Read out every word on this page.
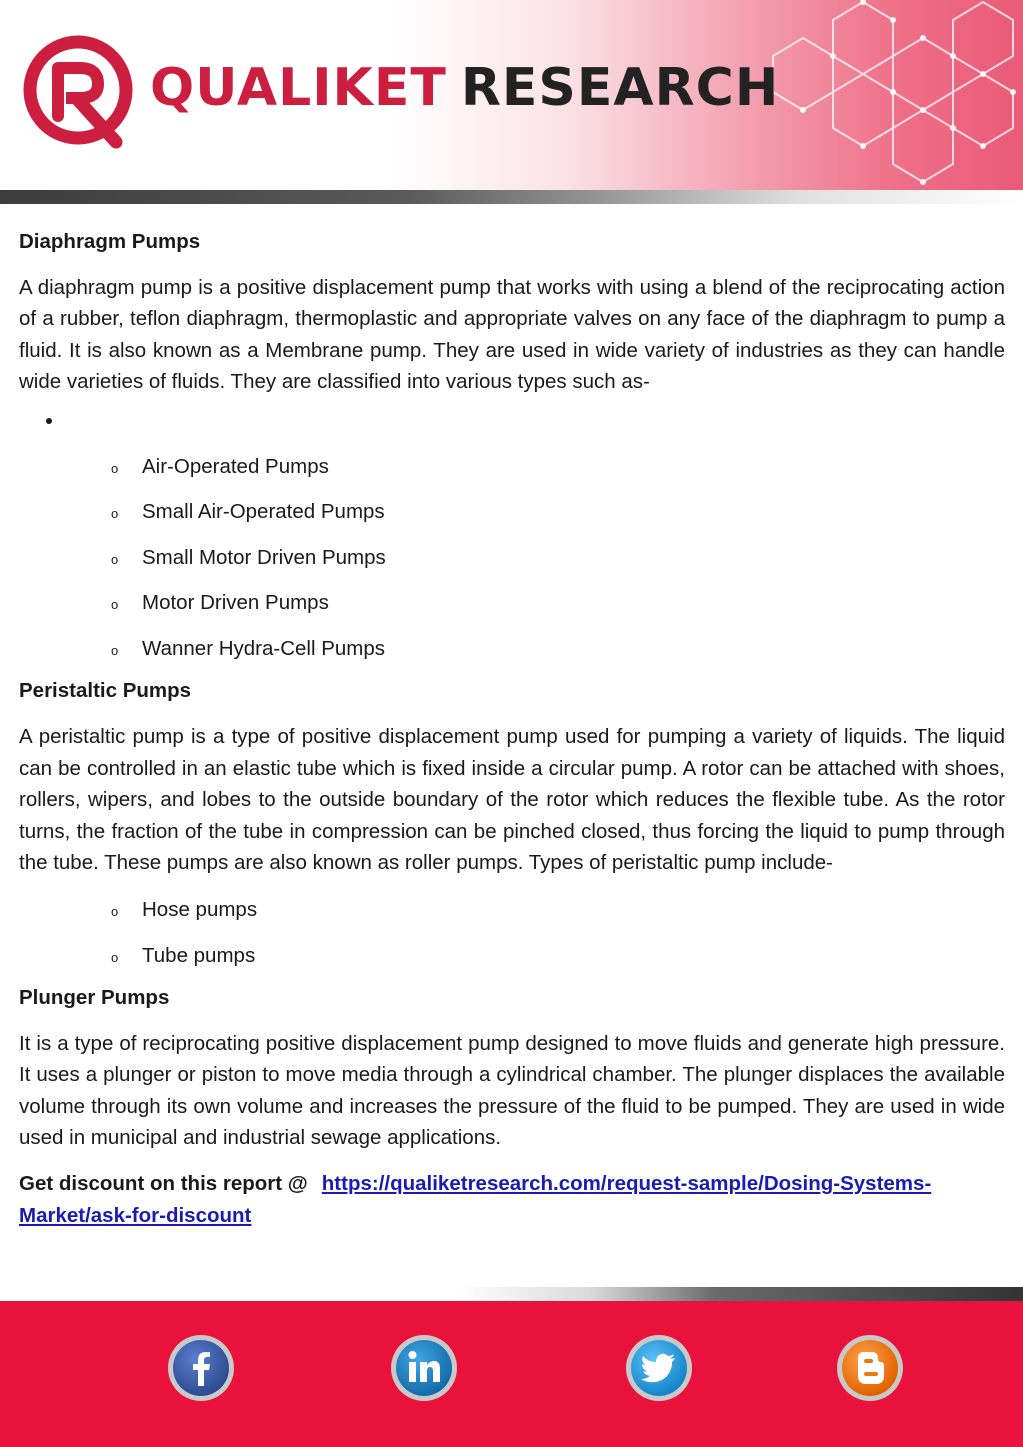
QUALIKET RESEARCH
Diaphragm Pumps

A diaphragm pump is a positive displacement pump that works with using a blend of the reciprocating action of a rubber, teflon diaphragm, thermoplastic and appropriate valves on any face of the diaphragm to pump a fluid. It is also known as a Membrane pump. They are used in wide variety of industries as they can handle wide varieties of fluids. They are classified into various types such as-

o Air-Operated Pumps
o Small Air-Operated Pumps
o Small Motor Driven Pumps
o Motor Driven Pumps
o Wanner Hydra-Cell Pumps
Peristaltic Pumps

A peristaltic pump is a type of positive displacement pump used for pumping a variety of liquids. The liquid can be controlled in an elastic tube which is fixed inside a circular pump. A rotor can be attached with shoes, rollers, wipers, and lobes to the outside boundary of the rotor which reduces the flexible tube. As the rotor turns, the fraction of the tube in compression can be pinched closed, thus forcing the liquid to pump through the tube. These pumps are also known as roller pumps. Types of peristaltic pump include-

o Hose pumps
o Tube pumps
Plunger Pumps

It is a type of reciprocating positive displacement pump designed to move fluids and generate high pressure. It uses a plunger or piston to move media through a cylindrical chamber. The plunger displaces the available volume through its own volume and increases the pressure of the fluid to be pumped. They are used in wide used in municipal and industrial sewage applications.

Get discount on this report @ https://qualiketresearch.com/request-sample/Dosing-Systems-Market/ask-for-discount
